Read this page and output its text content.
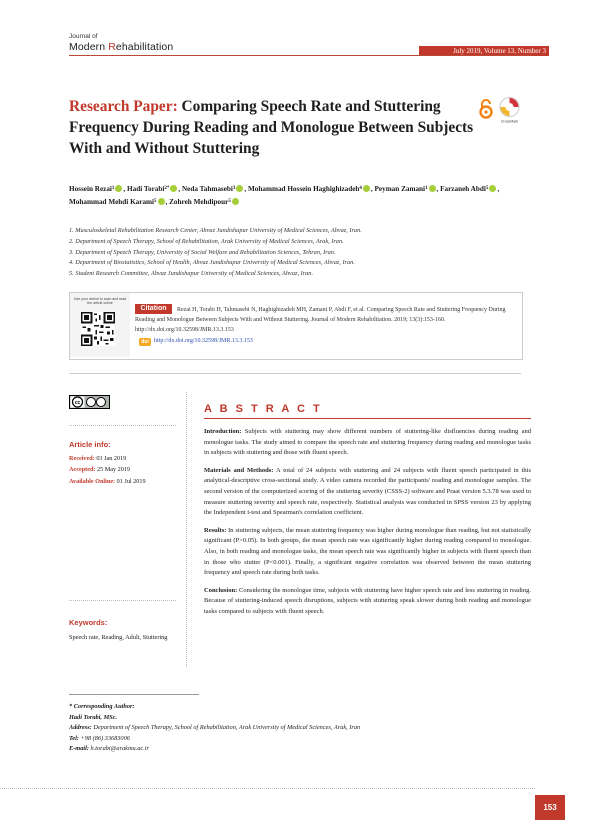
Journal of
Modern Rehabilitation	July 2019, Volume 13, Number 3
Research Paper: Comparing Speech Rate and Stuttering Frequency During Reading and Monologue Between Subjects With and Without Stuttering
CrossMark
Hossein Rezai$^1$ , Hadi Torabi$^{2*}$ , Neda Tahmasebi$^3$ , Mohammad Hossein Haghighizadeh$^4$ , Peyman Zamani$^1$ , Farzaneh Abdi$^5$ , Mohammad Mehdi Karami$^5$ , Zohreh Mehdipour$^5$
1. Musculoskeletal Rehabilitation Research Center, Ahvaz Jundishapur University of Medical Sciences, Ahvaz, Iran.
2. Department of Speech Therapy, School of Rehabilitation, Arak University of Medical Sciences, Arak, Iran.
3. Department of Speech Therapy, University of Social Welfare and Rehabilitation Sciences, Tehran, Iran.
4. Department of Biostatistics, School of Health, Ahvaz Jundishapur University of Medical Sciences, Ahvaz, Iran.
5. Student Research Committee, Ahvaz Jundishapur University of Medical Sciences, Ahvaz, Iran.
Use your device to scan and read the article online
Rezai H, Torabi H, Tahmasebi N, Haghighizadeh MH, Zamani P, Abdi F, et al. Comparing Speech Rate and Stuttering Frequency During Reading and Monologue Between Subjects With and Without Stuttering. Journal of Modern Rehabilitation. 2019; 13(3):153-160. http://dx.doi.org/10.32598/JMR.13.3.153
Citation
doi http://dx.doi.org/10.32598/JMR.13.3.153
cc
Article info:
Received: 03 Jan 2019
Accepted: 25 May 2019
Available Online: 01 Jul 2019
Keywords:
Speech rate, Reading, Adult, Stuttering
A B S T R A C T

Introduction: Subjects with stuttering may show different numbers of stuttering-like disfluencies during reading and monologue tasks. The study aimed to compare the speech rate and stuttering frequency during reading and monologue tasks in subjects with stuttering and those with fluent speech.

Materials and Methods: A total of 24 subjects with stuttering and 24 subjects with fluent speech participated in this analytical-descriptive cross-sectional study. A video camera recorded the participants' reading and monologue samples. The second version of the computerized scoring of the stuttering severity (CSSS-2) software and Praat version 5.3.78 was used to measure stuttering severity and speech rate, respectively. Statistical analysis was conducted in SPSS version 23 by applying the Independent t-test and Spearman's correlation coefficient.

Results: In stuttering subjects, the mean stuttering frequency was higher during monologue than reading, but not statistically significant (P>0.05). In both groups, the mean speech rate was significantly higher during reading compared to monologue. Also, in both reading and monologue tasks, the mean speech rate was significantly higher in subjects with fluent speech than in those who stutter (P<0.001). Finally, a significant negative correlation was observed between the mean stuttering frequency and speech rate during both tasks.

Conclusion: Considering the monologue time, subjects with stuttering have higher speech rate and less stuttering in reading. Because of stuttering-induced speech disruptions, subjects with stuttering speak slower during both reading and monologue tasks compared to subjects with fluent speech.

* Corresponding Author:
Hadi Torabi, MSc.
Address: Department of Speech Therapy, School of Rehabilitation, Arak University of Medical Sciences, Arak, Iran
Tel: +98 (86) 33683006
E-mail: h.torabi@arakmu.ac.ir
153
